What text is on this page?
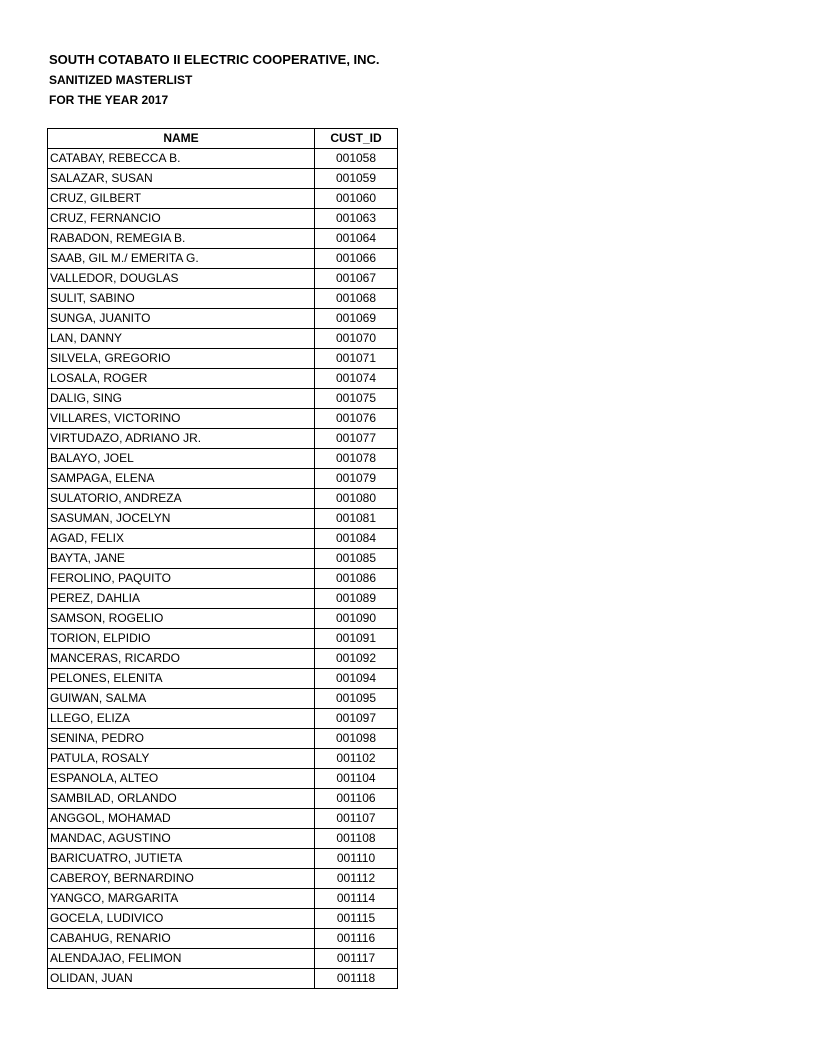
SOUTH COTABATO II ELECTRIC COOPERATIVE, INC.
SANITIZED MASTERLIST
FOR THE YEAR 2017
NAME	CUST_ID
CATABAY, REBECCA B.	001058
SALAZAR, SUSAN	001059
CRUZ, GILBERT	001060
CRUZ, FERNANCIO	001063
RABADON, REMEGIA B.	001064
SAAB, GIL M./ EMERITA G.	001066
VALLEDOR, DOUGLAS	001067
SULIT, SABINO	001068
SUNGA, JUANITO	001069
LAN, DANNY	001070
SILVELA, GREGORIO	001071
LOSALA, ROGER	001074
DALIG, SING	001075
VILLARES, VICTORINO	001076
VIRTUDAZO, ADRIANO JR.	001077
BALAYO, JOEL	001078
SAMPAGA, ELENA	001079
SULATORIO, ANDREZA	001080
SASUMAN, JOCELYN	001081
AGAD, FELIX	001084
BAYTA, JANE	001085
FEROLINO, PAQUITO	001086
PEREZ, DAHLIA	001089
SAMSON, ROGELIO	001090
TORION, ELPIDIO	001091
MANCERAS, RICARDO	001092
PELONES, ELENITA	001094
GUIWAN, SALMA	001095
LLEGO, ELIZA	001097
SENINA, PEDRO	001098
PATULA, ROSALY	001102
ESPANOLA, ALTEO	001104
SAMBILAD, ORLANDO	001106
ANGGOL, MOHAMAD	001107
MANDAC, AGUSTINO	001108
BARICUATRO, JUTIETA	001110
CABEROY, BERNARDINO	001112
YANGCO, MARGARITA	001114
GOCELA, LUDIVICO	001115
CABAHUG, RENARIO	001116
ALENDAJAO, FELIMON	001117
OLIDAN, JUAN	001118
